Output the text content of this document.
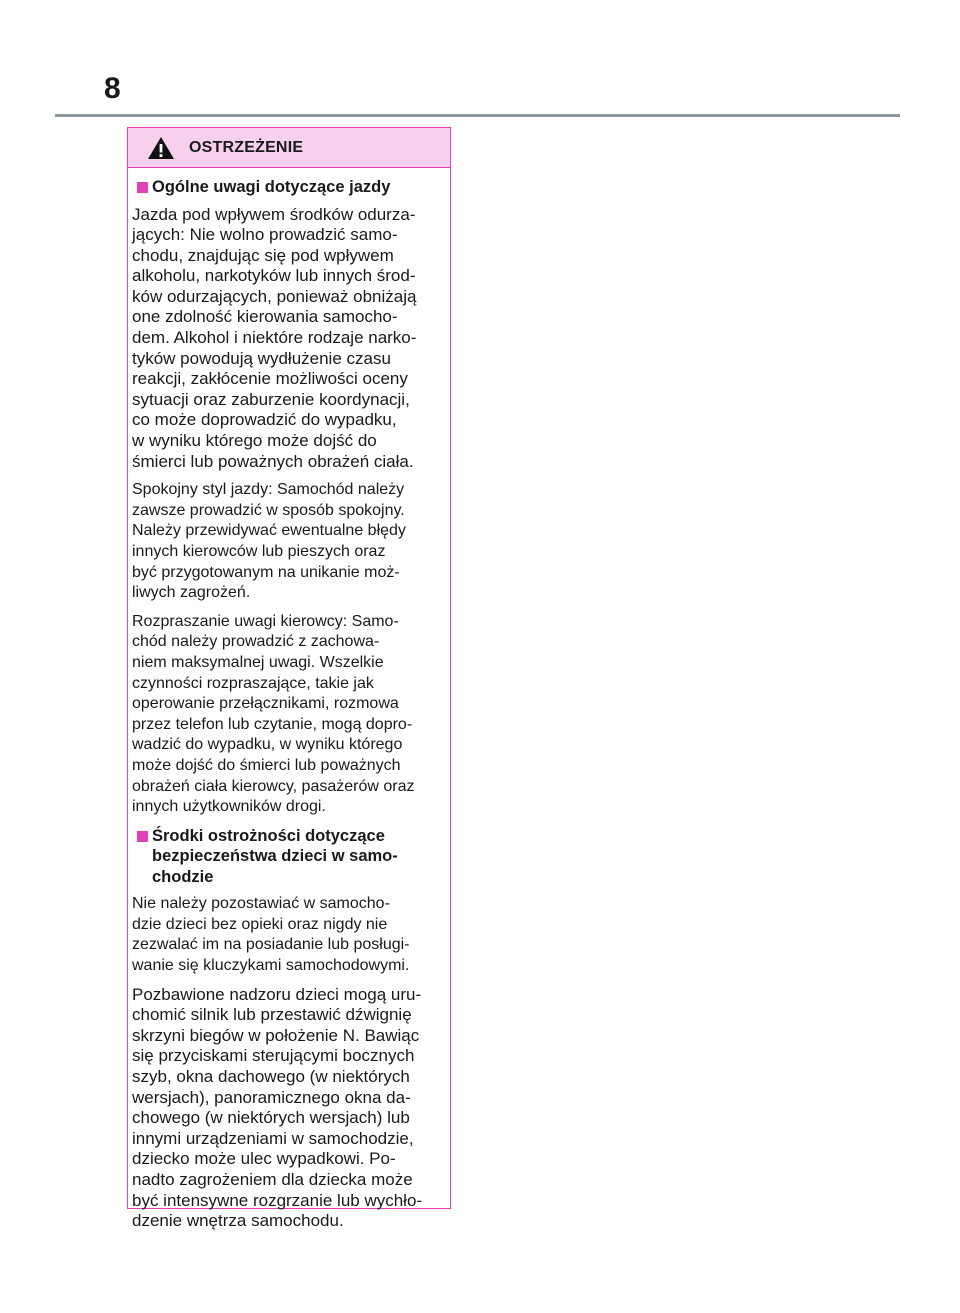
8
OSTRZEŻENIE
Ogólne uwagi dotyczące jazdy

Jazda pod wpływem środków odurza-
jących: Nie wolno prowadzić samo-
chodu, znajdując się pod wpływem
alkoholu, narkotyków lub innych środ-
ków odurzających, ponieważ obniżają
one zdolność kierowania samocho-
dem. Alkohol i niektóre rodzaje narko-
tyków powodują wydłużenie czasu
reakcji, zakłócenie możliwości oceny
sytuacji oraz zaburzenie koordynacji,
co może doprowadzić do wypadku,
w wyniku którego może dojść do
śmierci lub poważnych obrażeń ciała.

Spokojny styl jazdy: Samochód należy
zawsze prowadzić w sposób spokojny.
Należy przewidywać ewentualne błędy
innych kierowców lub pieszych oraz
być przygotowanym na unikanie moż-
liwych zagrożeń.

Rozpraszanie uwagi kierowcy: Samo-
chód należy prowadzić z zachowa-
niem maksymalnej uwagi. Wszelkie
czynności rozpraszające, takie jak
operowanie przełącznikami, rozmowa
przez telefon lub czytanie, mogą dopro-
wadzić do wypadku, w wyniku którego
może dojść do śmierci lub poważnych
obrażeń ciała kierowcy, pasażerów oraz
innych użytkowników drogi.

Środki ostrożności dotyczące
bezpieczeństwa dzieci w samo-
chodzie

Nie należy pozostawiać w samocho-
dzie dzieci bez opieki oraz nigdy nie
zezwalać im na posiadanie lub posługi-
wanie się kluczykami samochodowymi.

Pozbawione nadzoru dzieci mogą uru-
chomić silnik lub przestawić dźwignię
skrzyni biegów w położenie N. Bawiąc
się przyciskami sterującymi bocznych
szyb, okna dachowego (w niektórych
wersjach), panoramicznego okna da-
chowego (w niektórych wersjach) lub
innymi urządzeniami w samochodzie,
dziecko może ulec wypadkowi. Po-
nadto zagrożeniem dla dziecka może
być intensywne rozgrzanie lub wychło-
dzenie wnętrza samochodu.
